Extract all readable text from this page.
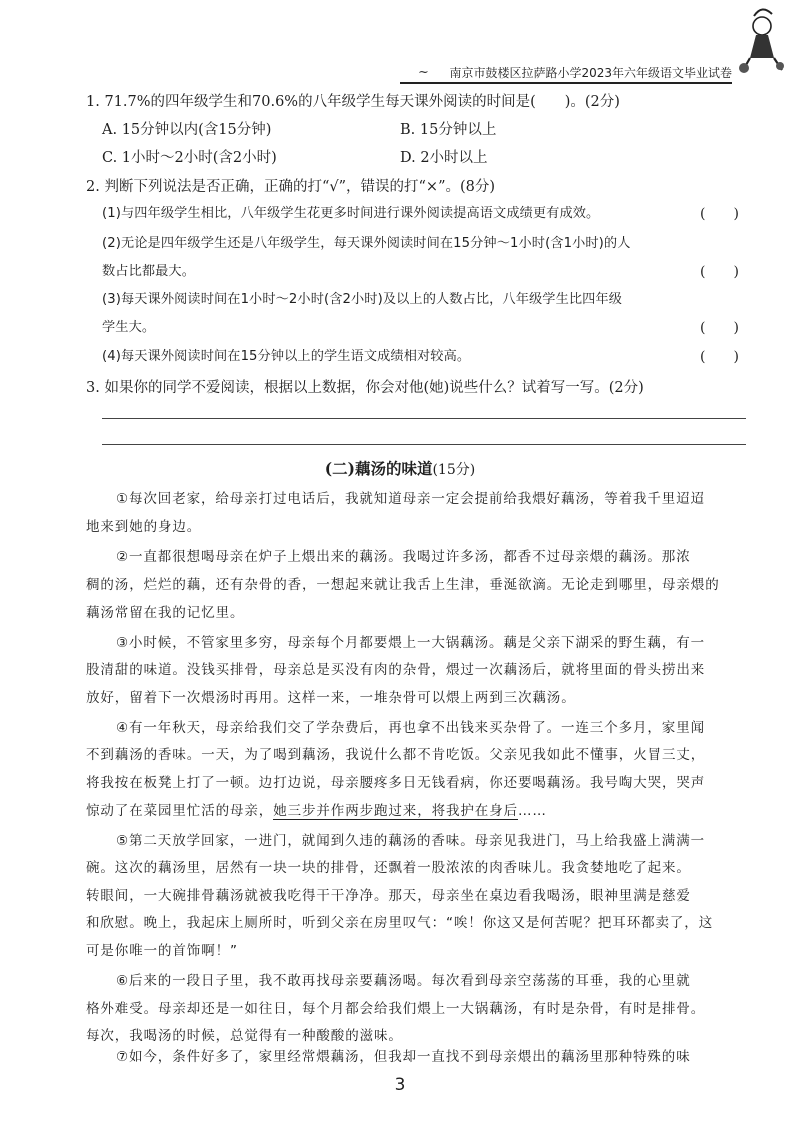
~ 南京市鼓楼区拉萨路小学2023年六年级语文毕业试卷
1. 71.7%的四年级学生和70.6%的八年级学生每天课外阅读的时间是(　　)。(2分)
A. 15分钟以内(含15分钟)	B. 15分钟以上
C. 1小时～2小时(含2小时)	D. 2小时以上
2. 判断下列说法是否正确，正确的打“√”，错误的打“×”。(8分)
(1)与四年级学生相比，八年级学生花更多时间进行课外阅读提高语文成绩更有成效。	(　　)
(2)无论是四年级学生还是八年级学生，每天课外阅读时间在15分钟～1小时(含1小时)的人
数占比都最大。	(　　)
(3)每天课外阅读时间在1小时～2小时(含2小时)及以上的人数占比，八年级学生比四年级
学生大。	(　　)
(4)每天课外阅读时间在15分钟以上的学生语文成绩相对较高。	(　　)
3. 如果你的同学不爱阅读，根据以上数据，你会对他(她)说些什么？试着写一写。(2分)
(二)藕汤的味道(15分)
①每次回老家，给母亲打过电话后，我就知道母亲一定会提前给我煨好藕汤，等着我千里迢迢
地来到她的身边。
②一直都很想喝母亲在炉子上煨出来的藕汤。我喝过许多汤，都香不过母亲煨的藕汤。那浓
稠的汤，烂烂的藕，还有杂骨的香，一想起来就让我舌上生津，垂涎欲滴。无论走到哪里，母亲煨的
藕汤常留在我的记忆里。
③小时候，不管家里多穷，母亲每个月都要煨上一大锅藕汤。藕是父亲下湖采的野生藕，有一
股清甜的味道。没钱买排骨，母亲总是买没有肉的杂骨，煨过一次藕汤后，就将里面的骨头捞出来
放好，留着下一次煨汤时再用。这样一来，一堆杂骨可以煨上两到三次藕汤。
④有一年秋天，母亲给我们交了学杂费后，再也拿不出钱来买杂骨了。一连三个多月，家里闻
不到藕汤的香味。一天，为了喝到藕汤，我说什么都不肯吃饭。父亲见我如此不懂事，火冒三丈，
将我按在板凳上打了一顿。边打边说，母亲腰疼多日无钱看病，你还要喝藕汤。我号啕大哭，哭声
惊动了在菜园里忙活的母亲，她三步并作两步跑过来，将我护在身后……
⑤第二天放学回家，一进门，就闻到久违的藕汤的香味。母亲见我进门，马上给我盛上满满一
碗。这次的藕汤里，居然有一块一块的排骨，还飘着一股浓浓的肉香味儿。我贪婪地吃了起来。
转眼间，一大碗排骨藕汤就被我吃得干干净净。那天，母亲坐在桌边看我喝汤，眼神里满是慈爱
和欣慰。晚上，我起床上厕所时，听到父亲在房里叹气：“唉！你这又是何苦呢？把耳环都卖了，这
可是你唯一的首饰啊！”
⑥后来的一段日子里，我不敢再找母亲要藕汤喝。每次看到母亲空荡荡的耳垂，我的心里就
格外难受。母亲却还是一如往日，每个月都会给我们煨上一大锅藕汤，有时是杂骨，有时是排骨。
每次，我喝汤的时候，总觉得有一种酸酸的滋味。
⑦如今，条件好多了，家里经常煨藕汤，但我却一直找不到母亲煨出的藕汤里那种特殊的味
3
